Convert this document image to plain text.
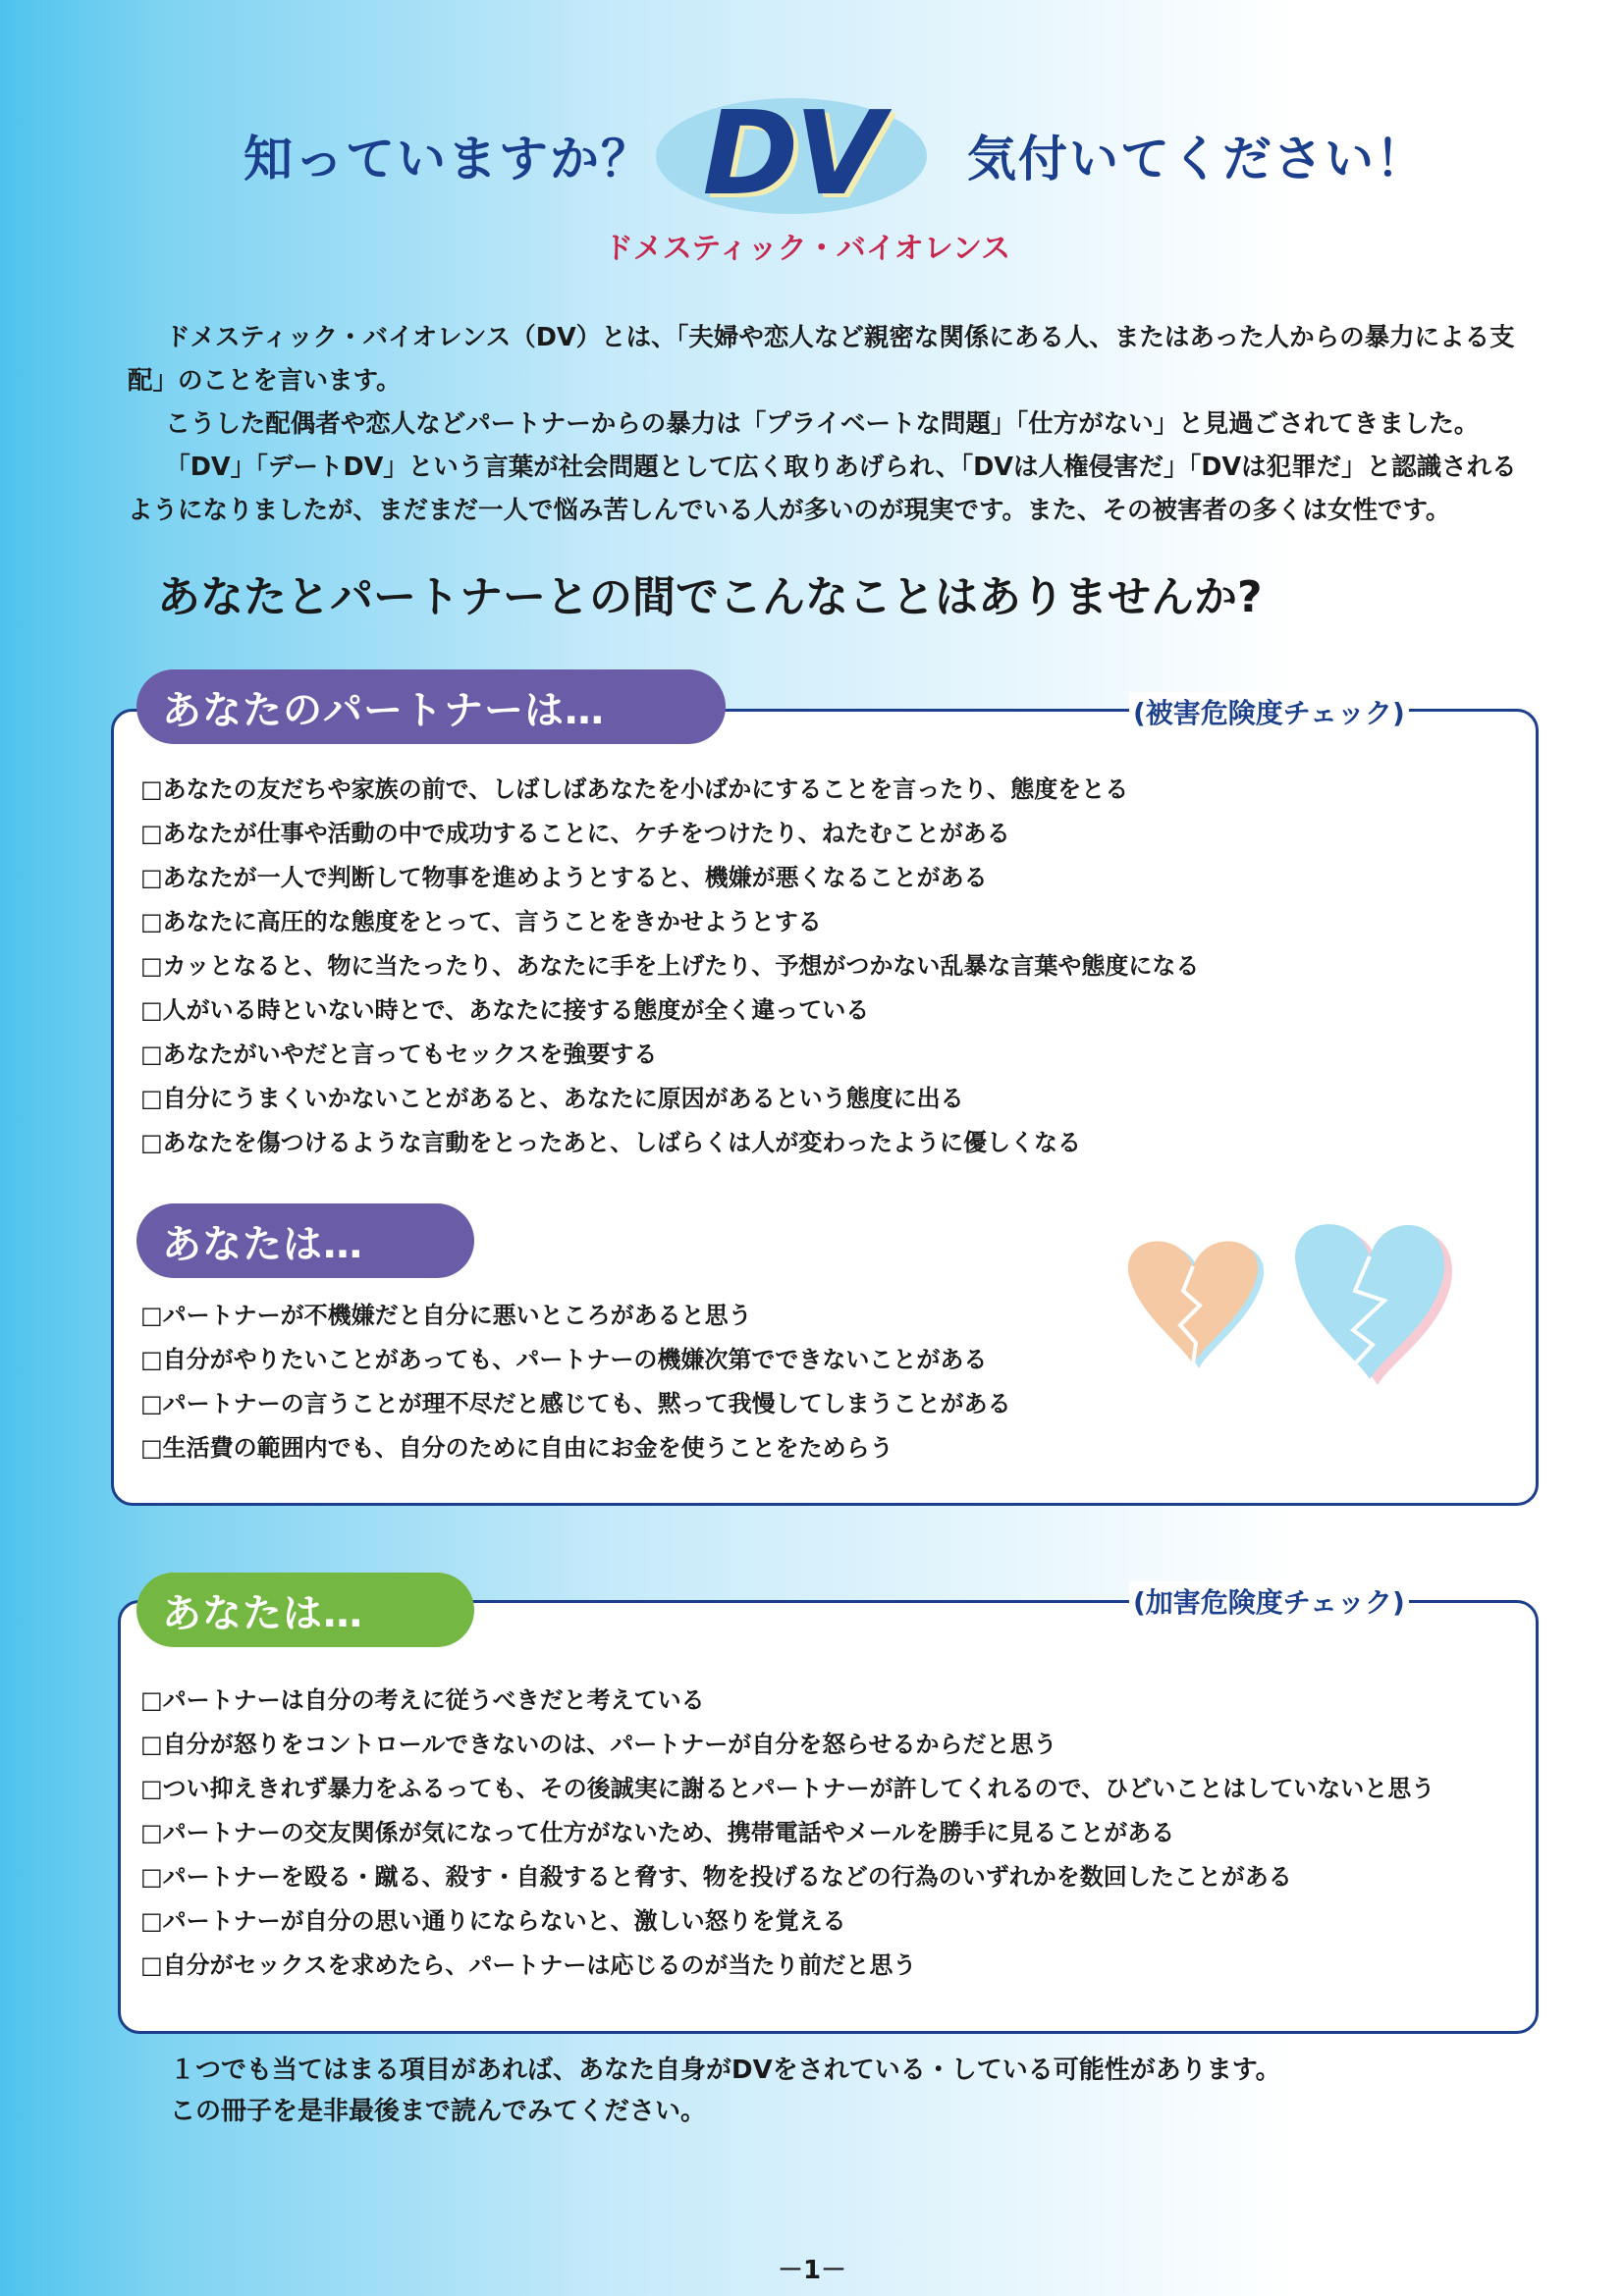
知っていますか？ DV	気付いてください！
ドメスティック・バイオレンス

ドメスティック・バイオレンス（DV）とは、「夫婦や恋人など親密な関係にある人、またはあった人からの暴力による支配」のことを言います。

こうした配偶者や恋人などパートナーからの暴力は「プライベートな問題」「仕方がない」と見過ごされてきました。

「DV」「デートDV」という言葉が社会問題として広く取りあげられ、「DVは人権侵害だ」「DVは犯罪だ」と認識されるようになりましたが、まだまだ一人で悩み苦しんでいる人が多いのが現実です。また、その被害者の多くは女性です。

あなたとパートナーとの間でこんなことはありませんか?
(被害危険度チェック)
あなたのパートナーは…
□あなたの友だちや家族の前で、しばしばあなたを小ばかにすることを言ったり、態度をとる
□あなたが仕事や活動の中で成功することに、ケチをつけたり、ねたむことがある
□あなたが一人で判断して物事を進めようとすると、機嫌が悪くなることがある
□あなたに高圧的な態度をとって、言うことをきかせようとする
□カッとなると、物に当たったり、あなたに手を上げたり、予想がつかない乱暴な言葉や態度になる
□人がいる時といない時とで、あなたに接する態度が全く違っている
□あなたがいやだと言ってもセックスを強要する
□自分にうまくいかないことがあると、あなたに原因があるという態度に出る
□あなたを傷つけるような言動をとったあと、しばらくは人が変わったように優しくなる
あなたは…
□パートナーが不機嫌だと自分に悪いところがあると思う
□自分がやりたいことがあっても、パートナーの機嫌次第でできないことがある
□パートナーの言うことが理不尽だと感じても、黙って我慢してしまうことがある
□生活費の範囲内でも、自分のために自由にお金を使うことをためらう
(加害危険度チェック)
あなたは…
□パートナーは自分の考えに従うべきだと考えている
□自分が怒りをコントロールできないのは、パートナーが自分を怒らせるからだと思う
□つい抑えきれず暴力をふるっても、その後誠実に謝るとパートナーが許してくれるので、ひどいことはしていないと思う
□パートナーの交友関係が気になって仕方がないため、携帯電話やメールを勝手に見ることがある
□パートナーを殴る・蹴る、殺す・自殺すると脅す、物を投げるなどの行為のいずれかを数回したことがある
□パートナーが自分の思い通りにならないと、激しい怒りを覚える
□自分がセックスを求めたら、パートナーは応じるのが当たり前だと思う
１つでも当てはまる項目があれば、あなた自身がDVをされている・している可能性があります。
この冊子を是非最後まで読んでみてください。
－1－
